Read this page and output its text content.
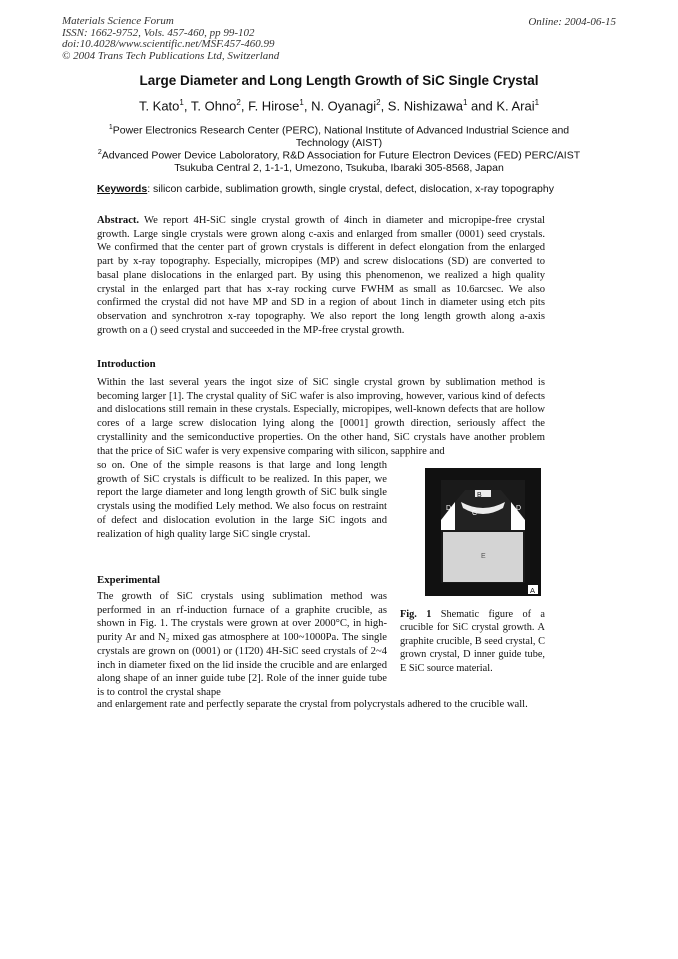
Materials Science Forum
ISSN: 1662-9752, Vols. 457-460, pp 99-102
doi:10.4028/www.scientific.net/MSF.457-460.99
© 2004 Trans Tech Publications Ltd, Switzerland
Online: 2004-06-15
Large Diameter and Long Length Growth of SiC Single Crystal
T. Kato$^1$, T. Ohno$^2$, F. Hirose$^1$, N. Oyanagi$^2$, S. Nishizawa$^1$ and K. Arai$^1$
$^1$Power Electronics Research Center (PERC), National Institute of Advanced Industrial Science and Technology (AIST)
$^2$Advanced Power Device Laboloratory, R&D Association for Future Electron Devices (FED) PERC/AIST Tsukuba Central 2, 1-1-1, Umezono, Tsukuba, Ibaraki 305-8568, Japan
Keywords: silicon carbide, sublimation growth, single crystal, defect, dislocation, x-ray topography
Abstract. We report 4H-SiC single crystal growth of 4inch in diameter and micropipe-free crystal growth. Large single crystals were grown along c-axis and enlarged from smaller (0001) seed crystals. We confirmed that the center part of grown crystals is different in defect elongation from the enlarged part by x-ray topography. Especially, micropipes (MP) and screw dislocations (SD) are converted to basal plane dislocations in the enlarged part. By using this phenomenon, we realized a high quality crystal in the enlarged part that has x-ray rocking curve FWHM as small as 10.6arcsec. We also confirmed the crystal did not have MP and SD in a region of about 1inch in diameter using etch pits observation and synchrotron x-ray topography. We also report the long length growth along a-axis growth on a () seed crystal and succeeded in the MP-free crystal growth.
Introduction
Within the last several years the ingot size of SiC single crystal grown by sublimation method is becoming larger [1]. The crystal quality of SiC wafer is also improving, however, various kind of defects and dislocations still remain in these crystals. Especially, micropipes, well-known defects that are hollow cores of a large screw dislocation lying along the [0001] growth direction, seriously affect the crystallinity and the semiconductive properties. On the other hand, SiC crystals have another problem that the price of SiC wafer is very expensive comparing with silicon, sapphire and
so on. One of the simple reasons is that large and long length growth of SiC crystals is difficult to be realized. In this paper, we report the large diameter and long length growth of SiC bulk single crystals using the modified Lely method. We also focus on restraint of defect and dislocation evolution in the large SiC ingots and realization of high quality large SiC single crystal.
Experimental
The growth of SiC crystals using sublimation method was performed in an rf-induction furnace of a graphite crucible, as shown in Fig. 1. The crystals were grown at over 2000°C, in high-purity Ar and N₂ mixed gas atmosphere at 100~1000Pa. The single crystals are grown on (0001) or (11̄20) 4H-SiC seed crystals of 2~4 inch in diameter fixed on the lid inside the crucible and are enlarged along shape of an inner guide tube [2]. Role of the inner guide tube is to control the crystal shape
and enlargement rate and perfectly separate the crystal from polycrystals adhered to the crucible wall.
B
C
D	D
E
A
Fig. 1 Shematic figure of a crucible for SiC crystal growth. A graphite crucible, B seed crystal, C grown crystal, D inner guide tube, E SiC source material.
